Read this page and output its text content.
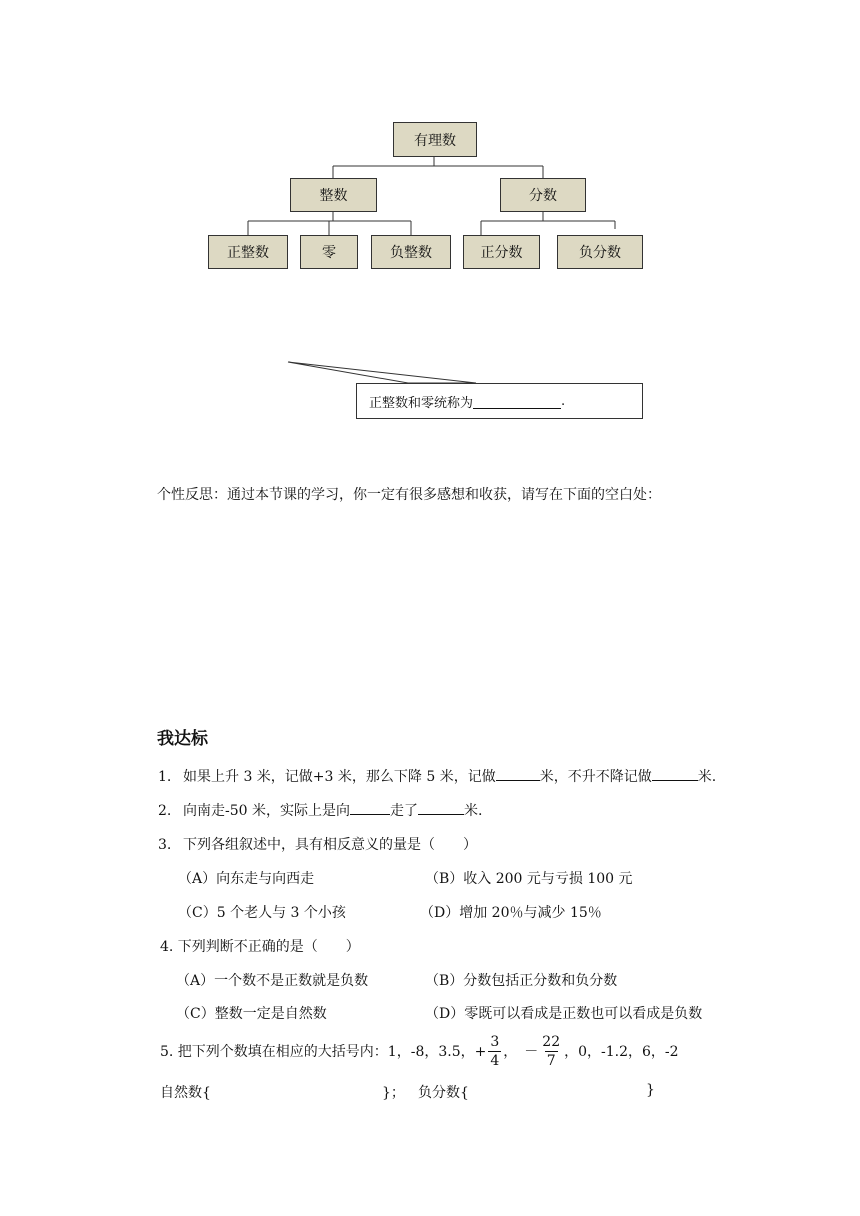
有理数
整数	分数
正整数	零	负整数	正分数	负分数
正整数和零统称为	.
个性反思：通过本节课的学习，你一定有很多感想和收获，请写在下面的空白处：
我达标
1. 如果上升 3 米，记做+3 米，那么下降 5 米，记做	米，不升不降记做	米.
2. 向南走-50 米，实际上是向	走了	米.
3. 下列各组叙述中，具有相反意义的量是（　　）
（A）向东走与向西走	（B）收入 200 元与亏损 100 元
（C）5 个老人与 3 个小孩	（D）增加 20％与减少 15％
4. 下列判断不正确的是（　　）
（A）一个数不是正数就是负数	（B）分数包括正分数和负分数
（C）整数一定是自然数	（D）零既可以看成是正数也可以看成是负数
5. 把下列个数填在相应的大括号内：1，-8，3.5，+ $\frac{3}{4}$ ，　－ $\frac{22}{7}$ ，0，-1.2，6，-2
自然数{	}； 负分数{	}
